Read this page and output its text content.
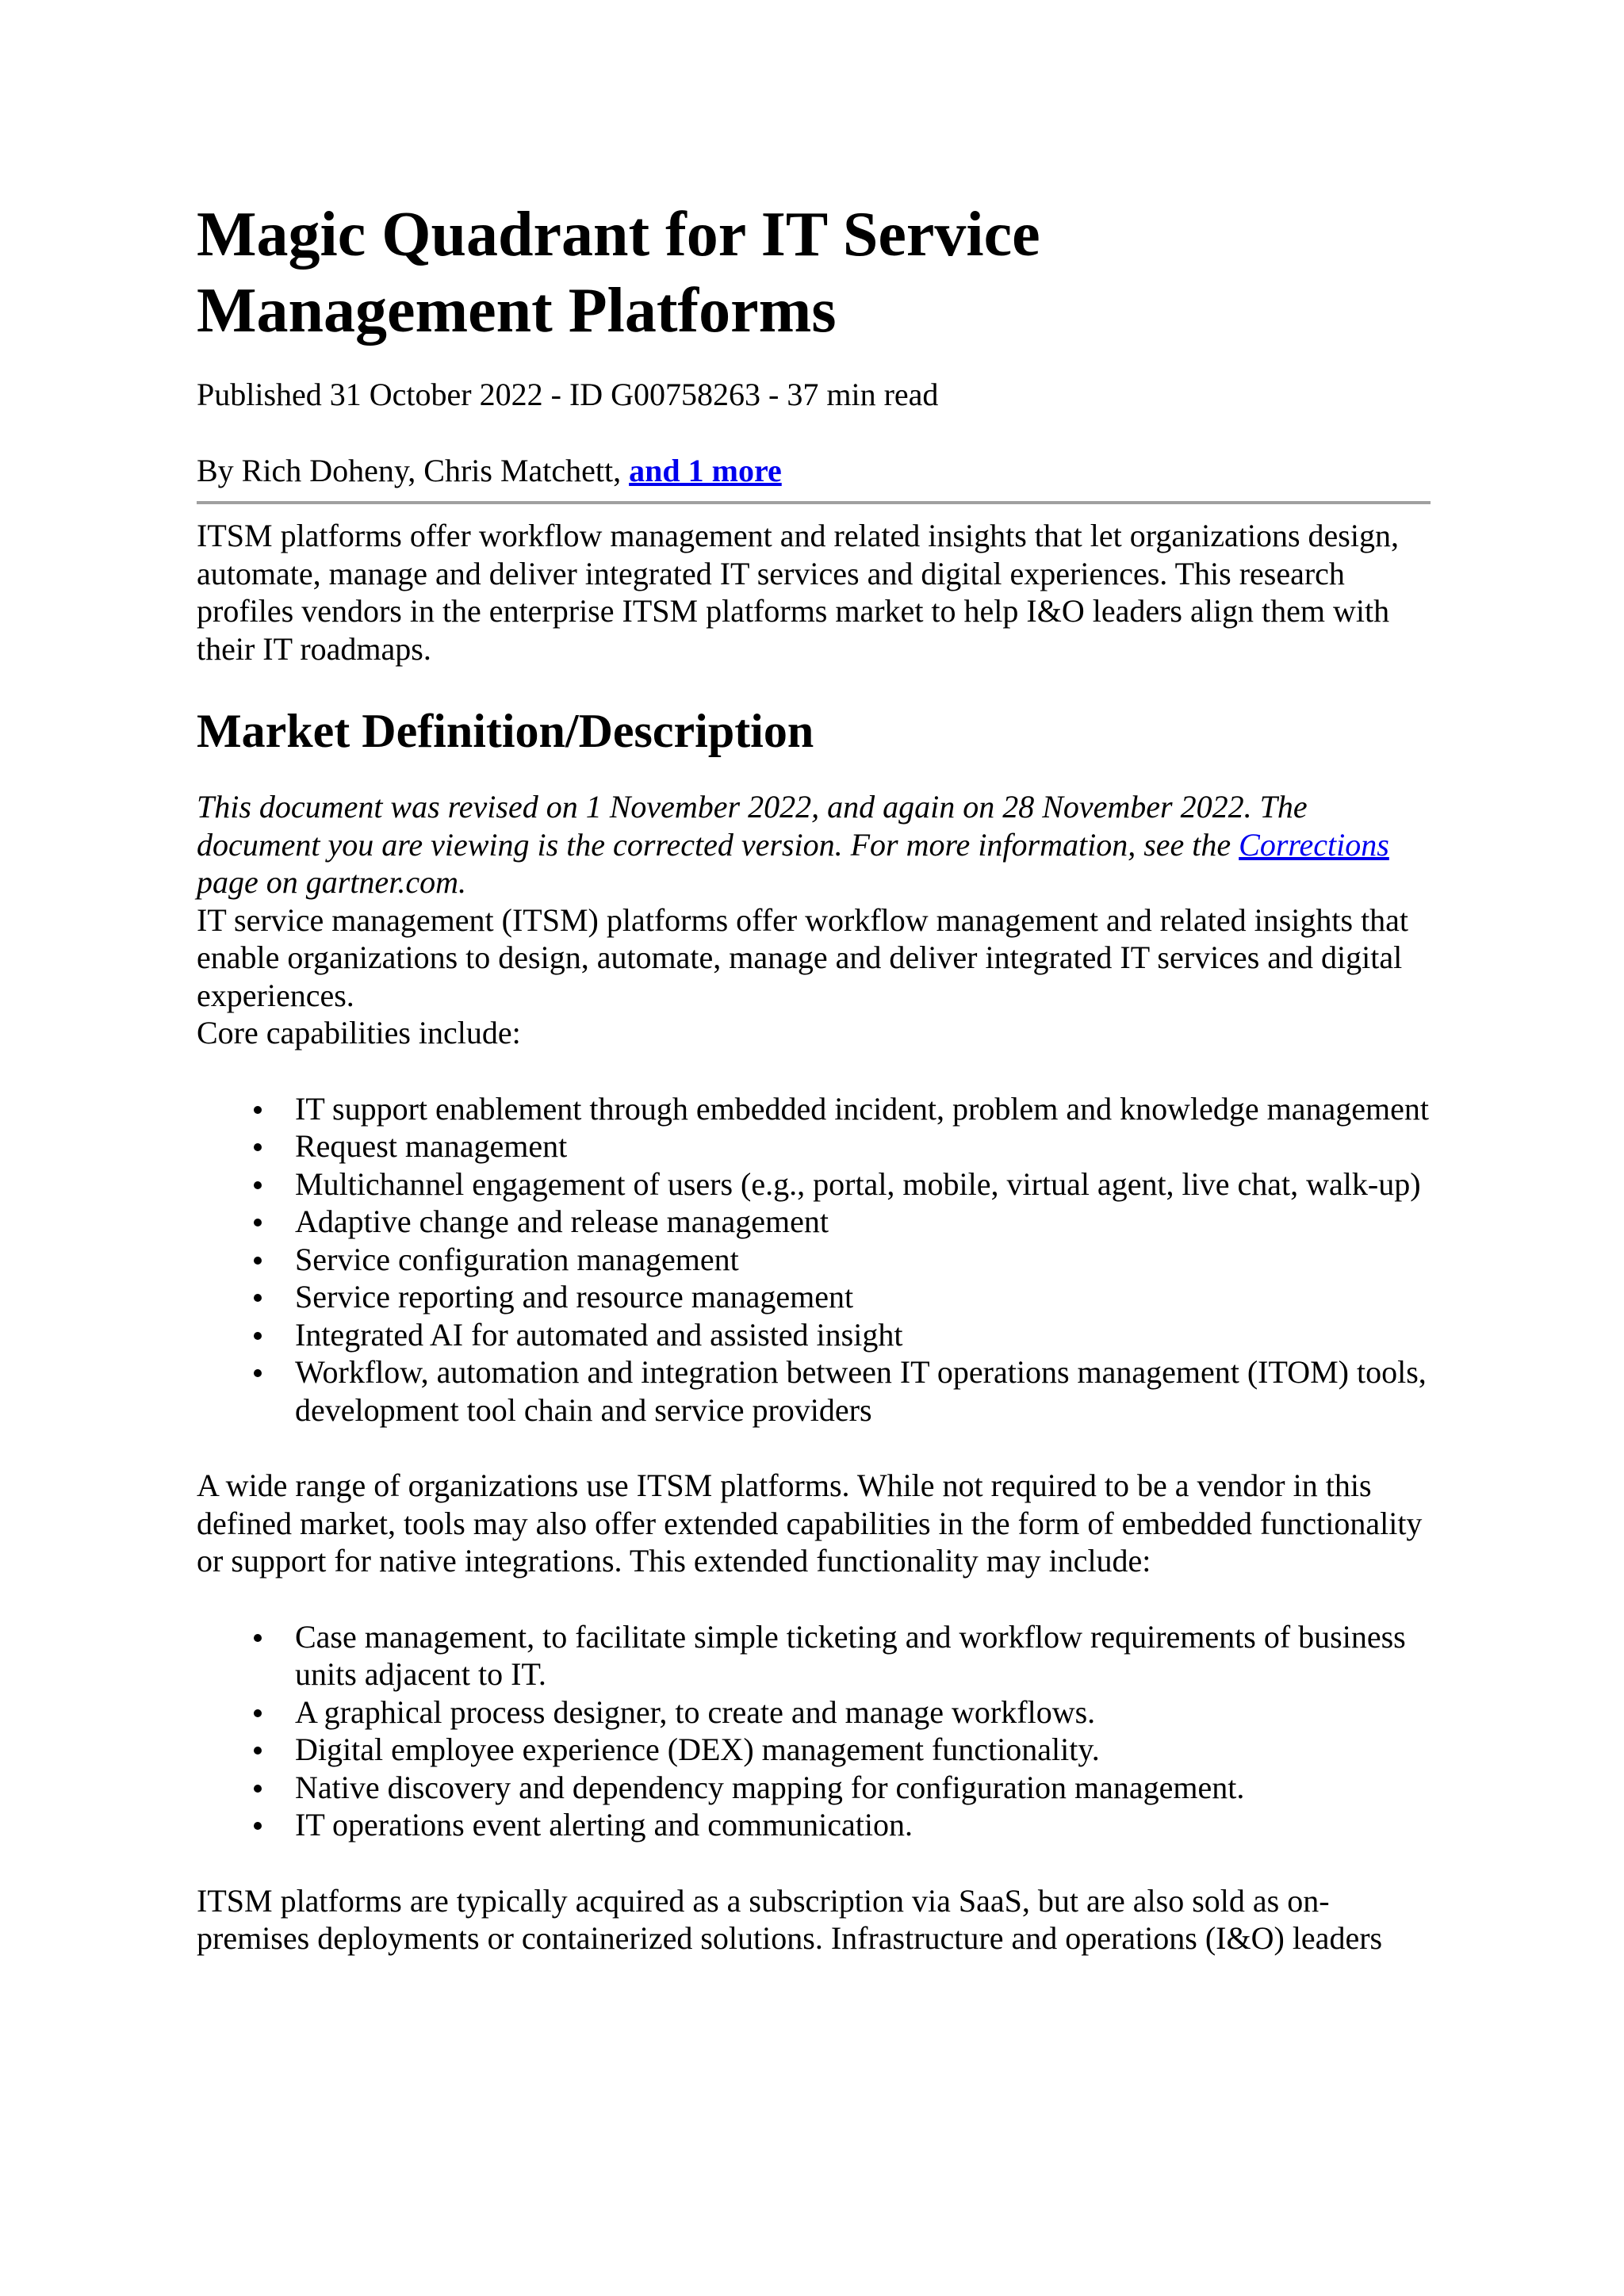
Magic Quadrant for IT Service
Management Platforms

Published 31 October 2022 - ID G00758263 - 37 min read

By Rich Doheny, Chris Matchett, and 1 more

ITSM platforms offer workflow management and related insights that let organizations design, automate, manage and deliver integrated IT services and digital experiences. This research profiles vendors in the enterprise ITSM platforms market to help I&O leaders align them with their IT roadmaps.

Market Definition/Description

This document was revised on 1 November 2022, and again on 28 November 2022. The document you are viewing is the corrected version. For more information, see the Corrections page on gartner.com.

IT service management (ITSM) platforms offer workflow management and related insights that enable organizations to design, automate, manage and deliver integrated IT services and digital experiences.

Core capabilities include:

IT support enablement through embedded incident, problem and knowledge management
Request management
Multichannel engagement of users (e.g., portal, mobile, virtual agent, live chat, walk-up)
Adaptive change and release management
Service configuration management
Service reporting and resource management
Integrated AI for automated and assisted insight
Workflow, automation and integration between IT operations management (ITOM) tools, development tool chain and service providers

A wide range of organizations use ITSM platforms. While not required to be a vendor in this defined market, tools may also offer extended capabilities in the form of embedded functionality or support for native integrations. This extended functionality may include:

Case management, to facilitate simple ticketing and workflow requirements of business units adjacent to IT.
A graphical process designer, to create and manage workflows.
Digital employee experience (DEX) management functionality.
Native discovery and dependency mapping for configuration management.
IT operations event alerting and communication.

ITSM platforms are typically acquired as a subscription via SaaS, but are also sold as on-premises deployments or containerized solutions. Infrastructure and operations (I&O) leaders
